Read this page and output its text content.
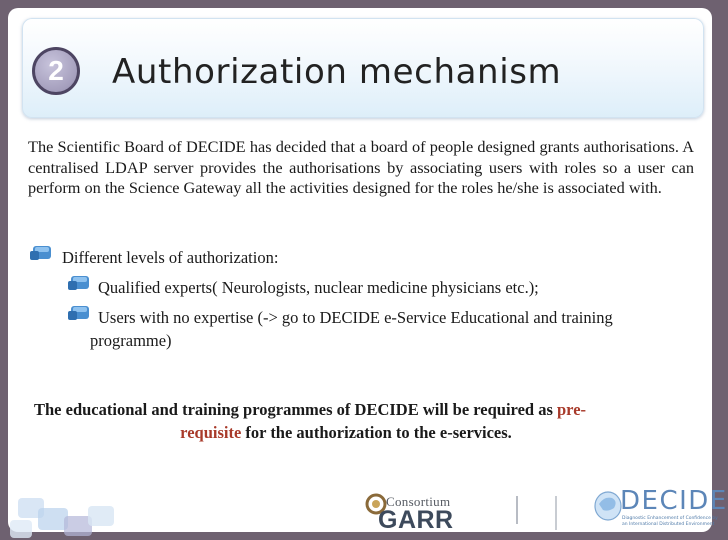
2	Authorization mechanism
The Scientific Board of DECIDE has decided that a board of people designed grants authorisations. A centralised LDAP server provides the authorisations by associating users with roles so a user can perform on the Science Gateway all the activities designed for the roles he/she is associated with.
Different levels of authorization:
Qualified experts( Neurologists, nuclear medicine physicians etc.);
Users with no expertise (-> go to DECIDE e-Service Educational and training
programme)
The educational and training programmes of DECIDE will be required as pre-
requisite for the authorization to the e-services.
Consortium
GARR
DECIDE
Diagnostic Enhancement of Confidence by an International Distributed Environment
